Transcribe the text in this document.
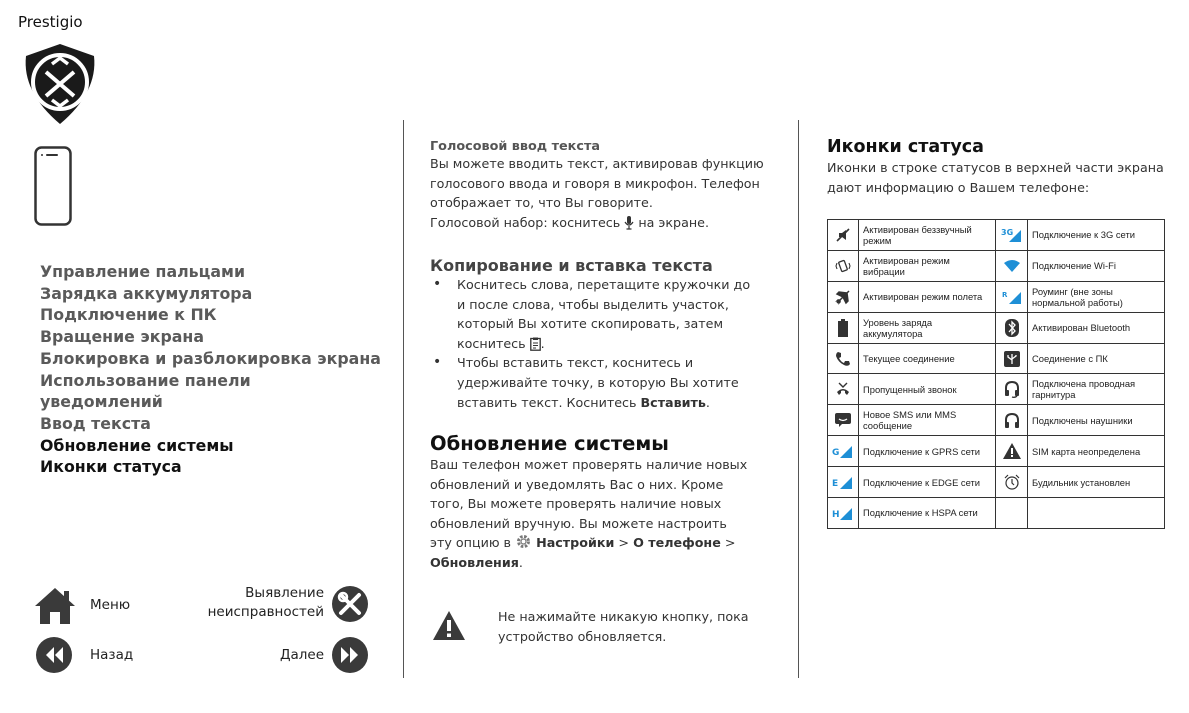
Prestigio
Управление пальцами
Зарядка аккумулятора
Подключение к ПК
Вращение экрана
Блокировка и разблокировка экрана
Использование панели
уведомлений
Ввод текста
Обновление системы
Иконки статуса
Меню
Выявление
неисправностей
Назад	Далее
Голосовой ввод текста

Вы можете вводить текст, активировав функцию

голосового ввода и говоря в микрофон. Телефон

отображает то, что Вы говорите.

Голосовой набор: коснитесь  на экране.

Копирование и вставка текста
• Коснитесь слова, перетащите кружочки до
и после слова, чтобы выделить участок,
который Вы хотите скопировать, затем
коснитесь .
• Чтобы вставить текст, коснитесь и
удерживайте точку, в которую Вы хотите
вставить текст. Коснитесь Вставить.
Обновление системы

Ваш телефон может проверять наличие новых

обновлений и уведомлять Вас о них. Кроме

того, Вы можете проверять наличие новых

обновлений вручную. Вы можете настроить

эту опцию в  Настройки > О телефоне >

Обновления.

Не нажимайте никакую кнопку, пока

устройство обновляется.

Иконки статуса
Иконки в строке статусов в верхней части экрана
дают информацию о Вашем телефоне:
	Активирован беззвучный режим	3G	Подключение к 3G сети

	Активирован режим вибрации		Подключение Wi-Fi

	Активирован режим полета	R	Роуминг (вне зоны нормальной работы)

	Уровень заряда аккумулятора		Активирован Bluetooth

	Текущее соединение		Соединение с ПК

	Пропущенный звонок		Подключена проводная гарнитура

	Новое SMS или MMS сообщение		Подключены наушники

G	Подключение к GPRS сети		SIM карта неопределена

E	Подключение к EDGE сети		Будильник установлен

H	Подключение к HSPA сети		
